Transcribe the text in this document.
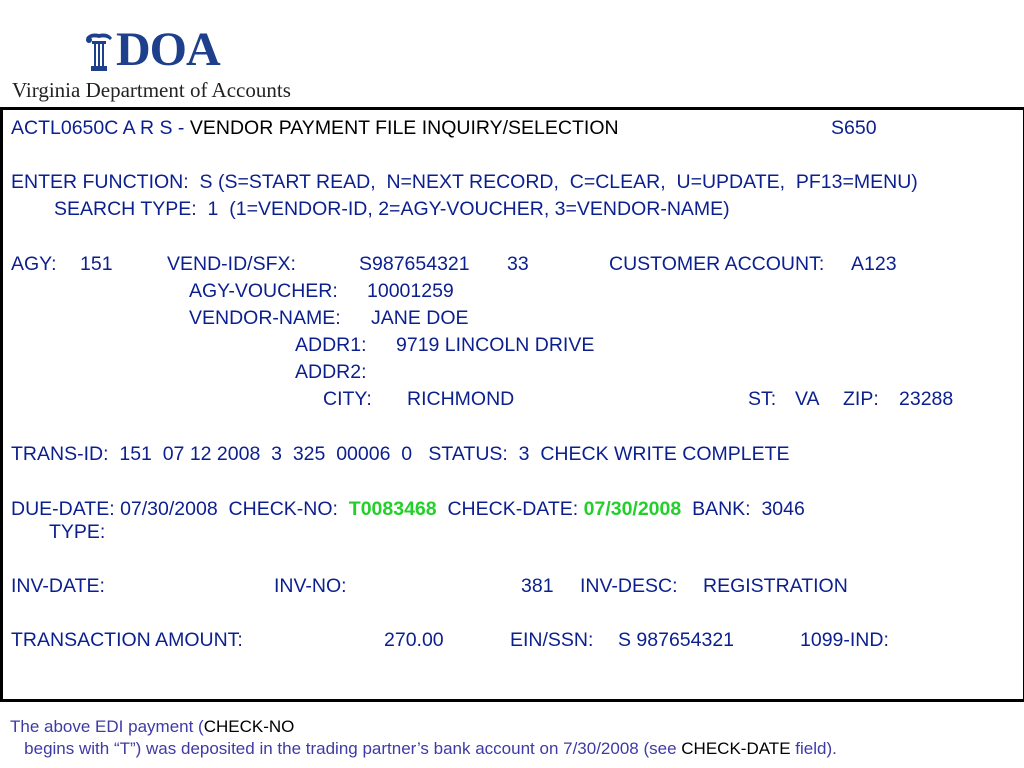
DOA
Virginia Department of Accounts
ACTL0650C A R S - VENDOR PAYMENT FILE INQUIRY/SELECTION	S650
ENTER FUNCTION: S (S=START READ,  N=NEXT RECORD,  C=CLEAR,  U=UPDATE,  PF13=MENU)
SEARCH TYPE: 1 (1=VENDOR-ID, 2=AGY-VOUCHER, 3=VENDOR-NAME)
AGY: 151	VEND-ID/SFX:	S987654321 33	CUSTOMER ACCOUNT: A123
AGY-VOUCHER: 10001259
VENDOR-NAME: JANE DOE
ADDR1: 9719 LINCOLN DRIVE
ADDR2:
CITY: RICHMOND	ST: VA ZIP: 23288
TRANS-ID: 151  07 12 2008  3  325  00006  0 STATUS: 3  CHECK WRITE COMPLETE
DUE-DATE: 07/30/2008 CHECK-NO: T0083468 CHECK-DATE: 07/30/2008 BANK: 3046
TYPE:
INV-DATE:	INV-NO:	381 INV-DESC: REGISTRATION
TRANSACTION AMOUNT:	270.00	EIN/SSN: S 987654321	1099-IND:
The above EDI payment (CHECK-NO   begins with “T”) was deposited in the trading partner’s bank account on 7/30/2008 (see CHECK-DATE field).
